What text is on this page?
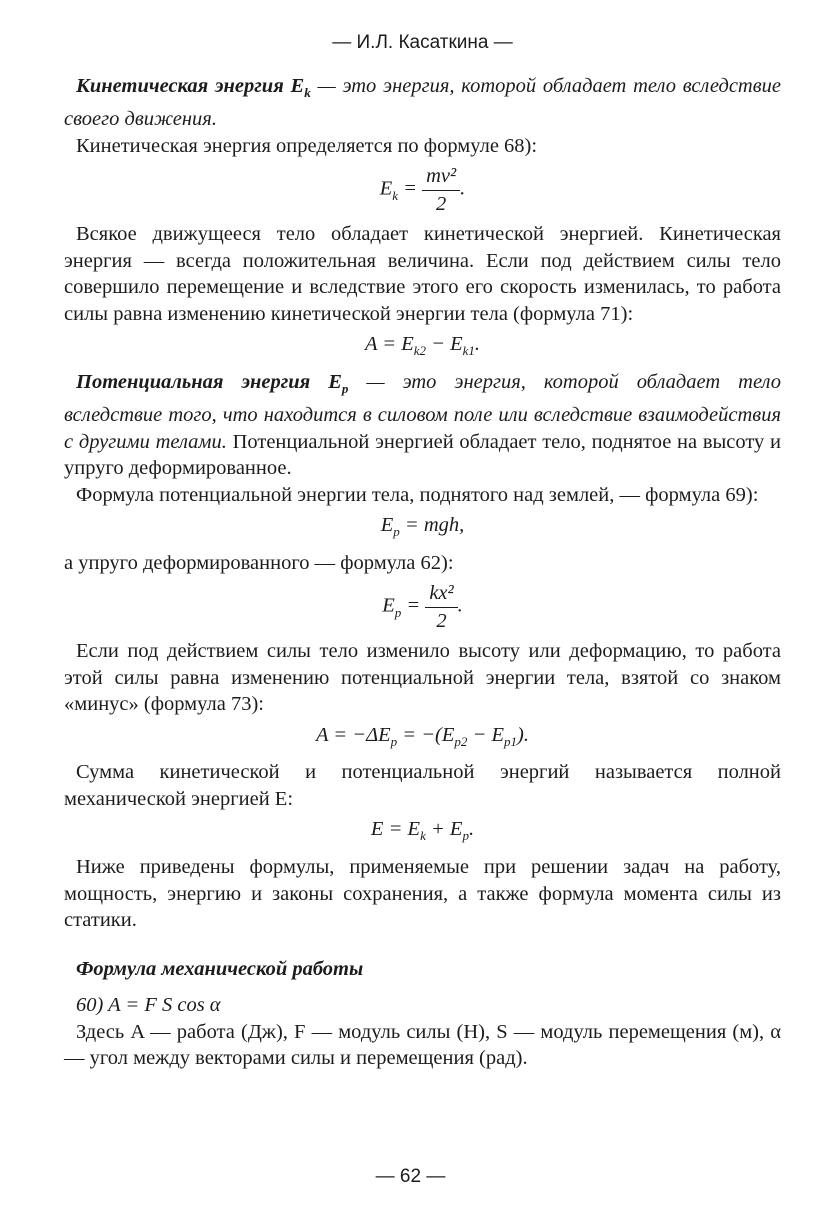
— И.Л. Касаткина —

Кинетическая энергия $E_k$ — это энергия, которой обладает тело вследствие своего движения.

Кинетическая энергия определяется по формуле 68):

$E_k = \frac{\text{mv²}}{2}$ .

Всякое движущееся тело обладает кинетической энергией. Кинетическая энергия — всегда положительная величина. Если под действием силы тело совершило перемещение и вследствие этого его скорость изменилась, то работа силы равна изменению кинетической энергии тела (формула 71):

$A = E_{k2} - E_{k1}$.

Потенциальная энергия $E_p$ — это энергия, которой обладает тело вследствие того, что находится в силовом поле или вследствие взаимодействия с другими телами. Потенциальной энергией обладает тело, поднятое на высоту и упруго деформированное.

Формула потенциальной энергии тела, поднятого над землей, — формула 69):

$E_p$ = mgh,

а упруго деформированного — формула 62):

$E_p = \frac{\text{kx²}}{2}$ .

Если под действием силы тело изменило высоту или деформацию, то работа этой силы равна изменению потенциальной энергии тела, взятой со знаком «минус» (формула 73):

$A = -\Delta E_p = -(E_{p2} - E_{p1})$.

Сумма кинетической и потенциальной энергий называется полной механической энергией E:

$E = E_k + E_p$.

Ниже приведены формулы, применяемые при решении задач на работу, мощность, энергию и законы сохранения, а также формула момента силы из статики.

Формула механической работы

60) A = F S cos α

Здесь A — работа (Дж), F — модуль силы (Н), S — модуль перемещения (м), α — угол между векторами силы и перемещения (рад).

— 62 —
